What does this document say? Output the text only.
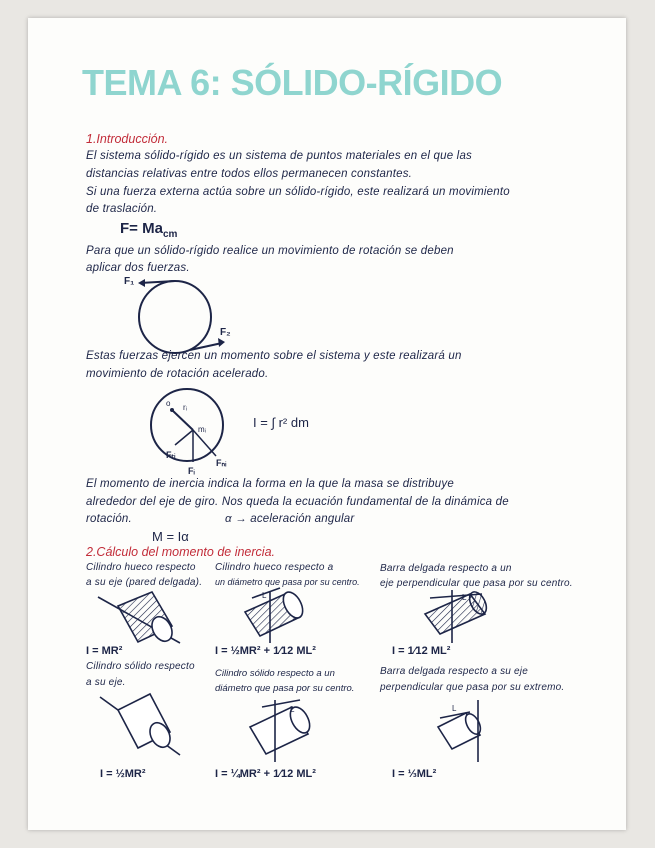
TEMA 6: SÓLIDO-RÍGIDO
1.Introducción.
El sistema sólido-rígido es un sistema de puntos materiales en el que las
distancias relativas entre todos ellos permanecen constantes.
Si una fuerza externa actúa sobre un sólido-rígido, este realizará un movimiento
de traslación.
$F= Ma_{cm}$
Para que un sólido-rígido realice un movimiento de rotación se deben
aplicar dos fuerzas.
F₁
F₂
o rᵢ
mᵢ
Fₜᵢ
Fᵢ
Fₙᵢ
Estas fuerzas ejercen un momento sobre el sistema y este realizará un
movimiento de rotación acelerado.
I = ∫ r² dm
El momento de inercia indica la forma en la que la masa se distribuye
alrededor del eje de giro. Nos queda la ecuación fundamental de la dinámica de
rotación.
M = Iα
α → aceleración angular
2.Cálculo del momento de inercia.
Cilindro hueco respecto
a su eje (pared delgada).
Cilindro hueco respecto a
un diámetro que pasa por su centro.
Barra delgada respecto a un
eje perpendicular que pasa por su centro.
I = MR²	I = ½MR² + 1⁄12 ML²	I = 1⁄12 ML²
Cilindro sólido respecto
a su eje.
Cilindro sólido respecto a un
diámetro que pasa por su centro.
Barra delgada respecto a su eje
perpendicular que pasa por su extremo.
I = ½MR²	I = ¼MR² + 1⁄12 ML²	I = ⅓ML²
L	L
L	L
